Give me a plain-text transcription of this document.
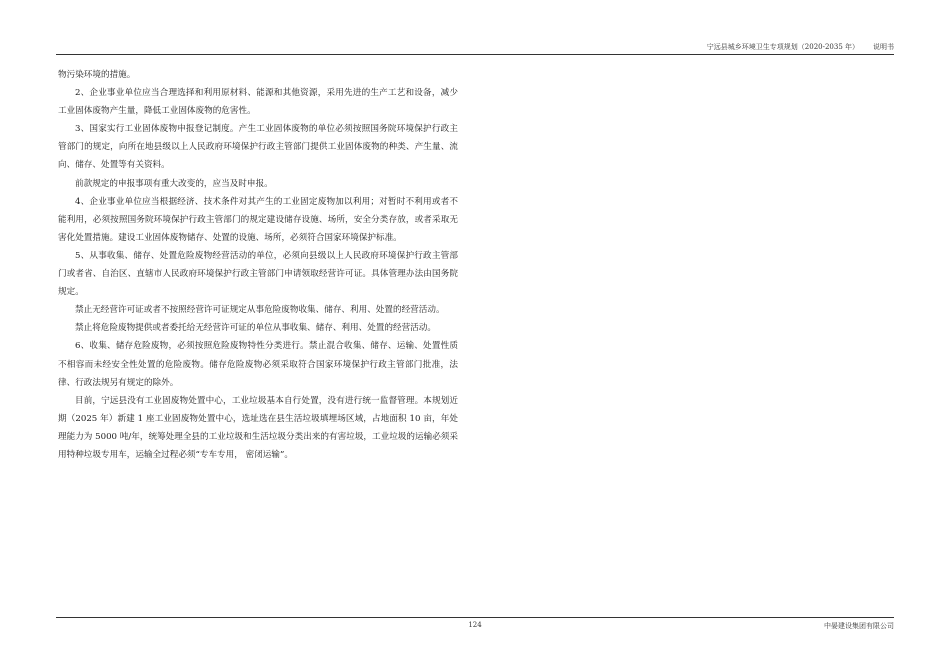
宁远县城乡环境卫生专项规划（2020-2035 年） 说明书

物污染环境的措施。

2、企业事业单位应当合理选择和利用原材料、能源和其他资源，采用先进的生产工艺和设备，减少工业固体废物产生量，降低工业固体废物的危害性。

3、国家实行工业固体废物申报登记制度。产生工业固体废物的单位必须按照国务院环境保护行政主管部门的规定，向所在地县级以上人民政府环境保护行政主管部门提供工业固体废物的种类、产生量、流向、储存、处置等有关资料。

前款规定的申报事项有重大改变的，应当及时申报。

4、企业事业单位应当根据经济、技术条件对其产生的工业固定废物加以利用；对暂时不利用或者不能利用，必须按照国务院环境保护行政主管部门的规定建设储存设施、场所，安全分类存放，或者采取无害化处置措施。建设工业固体废物储存、处置的设施、场所，必须符合国家环境保护标准。

5、从事收集、储存、处置危险废物经营活动的单位，必须向县级以上人民政府环境保护行政主管部门或者省、自治区、直辖市人民政府环境保护行政主管部门申请领取经营许可证。具体管理办法由国务院规定。

禁止无经营许可证或者不按照经营许可证规定从事危险废物收集、储存、利用、处置的经营活动。

禁止将危险废物提供或者委托给无经营许可证的单位从事收集、储存、利用、处置的经营活动。

6、收集、储存危险废物，必须按照危险废物特性分类进行。禁止混合收集、储存、运输、处置性质不相容而未经安全性处置的危险废物。储存危险废物必须采取符合国家环境保护行政主管部门批准，法律、行政法规另有规定的除外。

目前，宁远县没有工业固废物处置中心，工业垃圾基本自行处置，没有进行统一监督管理。本规划近期（2025 年）新建 1 座工业固废物处置中心，选址选在县生活垃圾填埋场区域，占地面积 10 亩，年处理能力为 5000 吨/年，统筹处理全县的工业垃圾和生活垃圾分类出来的有害垃圾，工业垃圾的运输必须采用特种垃圾专用车，运输全过程必须“专车专用， 密闭运输”。

124	中晏建设集团有限公司
